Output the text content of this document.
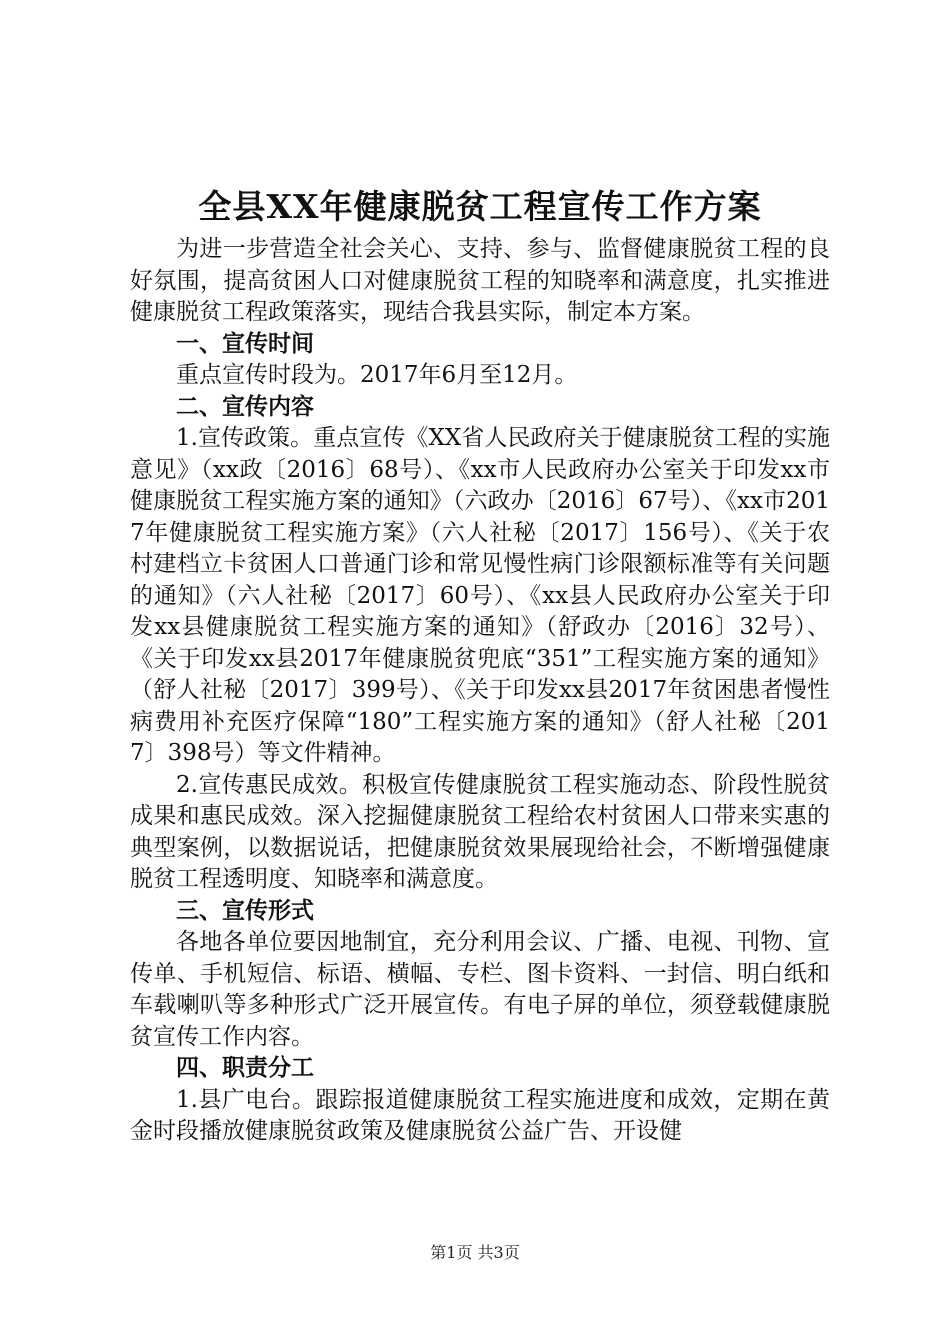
全县XX年健康脱贫工程宣传工作方案

为进一步营造全社会关心、支持、参与、监督健康脱贫工程的良好氛围，提高贫困人口对健康脱贫工程的知晓率和满意度，扎实推进健康脱贫工程政策落实，现结合我县实际，制定本方案。

一、宣传时间

重点宣传时段为。2017年6月至12月。

二、宣传内容

1.宣传政策。重点宣传《XX省人民政府关于健康脱贫工程的实施意见》（xx政〔2016〕68号）、《xx市人民政府办公室关于印发xx市健康脱贫工程实施方案的通知》（六政办〔2016〕67号）、《xx市2017年健康脱贫工程实施方案》（六人社秘〔2017〕156号）、《关于农村建档立卡贫困人口普通门诊和常见慢性病门诊限额标准等有关问题的通知》（六人社秘〔2017〕60号）、《xx县人民政府办公室关于印发xx县健康脱贫工程实施方案的通知》（舒政办〔2016〕32号）、《关于印发xx县2017年健康脱贫兜底“351”工程实施方案的通知》（舒人社秘〔2017〕399号）、《关于印发xx县2017年贫困患者慢性病费用补充医疗保障“180”工程实施方案的通知》（舒人社秘〔2017〕398号）等文件精神。

2.宣传惠民成效。积极宣传健康脱贫工程实施动态、阶段性脱贫成果和惠民成效。深入挖掘健康脱贫工程给农村贫困人口带来实惠的典型案例，以数据说话，把健康脱贫效果展现给社会，不断增强健康脱贫工程透明度、知晓率和满意度。

三、宣传形式

各地各单位要因地制宜，充分利用会议、广播、电视、刊物、宣传单、手机短信、标语、横幅、专栏、图卡资料、一封信、明白纸和车载喇叭等多种形式广泛开展宣传。有电子屏的单位，须登载健康脱贫宣传工作内容。

四、职责分工

1.县广电台。跟踪报道健康脱贫工程实施进度和成效，定期在黄金时段播放健康脱贫政策及健康脱贫公益广告、开设健

第1页 共3页
